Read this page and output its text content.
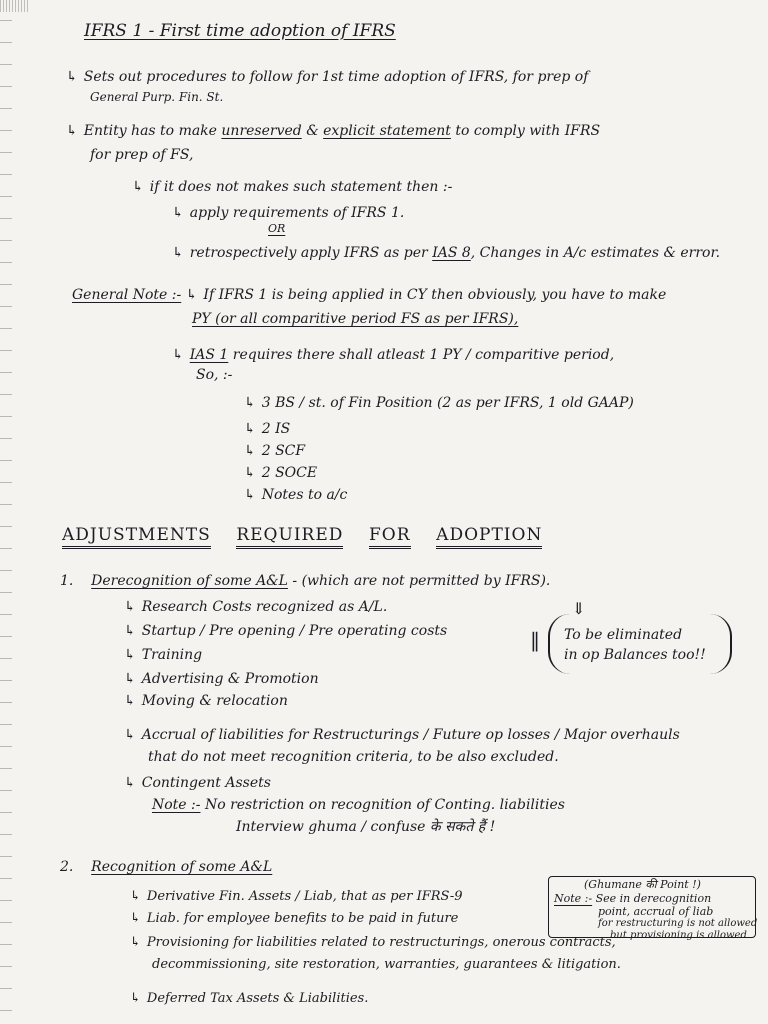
IFRS 1 - First time adoption of IFRS
↳ Sets out procedures to follow for 1st time adoption of IFRS, for prep of
General Purp. Fin. St.
↳ Entity has to make unreserved & explicit statement to comply with IFRS
for prep of FS,
↳ if it does not makes such statement then :-
↳ apply requirements of IFRS 1.
OR
↳ retrospectively apply IFRS as per IAS 8, Changes in A/c estimates & error.
General Note :- ↳ If IFRS 1 is being applied in CY then obviously, you have to make
PY (or all comparitive period FS as per IFRS),
↳ IAS 1 requires there shall atleast 1 PY / comparitive period,
So, :-
↳ 3 BS / st. of Fin Position (2 as per IFRS, 1 old GAAP)
↳ 2 IS
↳ 2 SCF
↳ 2 SOCE
↳ Notes to a/c
ADJUSTMENTS REQUIRED FOR ADOPTION
1. Derecognition of some A&L - (which are not permitted by IFRS).
↳ Research Costs recognized as A/L.
↳ Startup / Pre opening / Pre operating costs
↳ Training
↳ Advertising & Promotion
↳ Moving & relocation
⇓
‖ To be eliminated
in op Balances too!!
↳ Accrual of liabilities for Restructurings / Future op losses / Major overhauls
that do not meet recognition criteria, to be also excluded.
↳ Contingent Assets
Note :- No restriction on recognition of Conting. liabilities
Interview ghuma / confuse के सकते हैं !
2. Recognition of some A&L
↳ Derivative Fin. Assets / Liab, that as per IFRS-9
↳ Liab. for employee benefits to be paid in future
↳ Provisioning for liabilities related to restructurings, onerous contracts,
decommissioning, site restoration, warranties, guarantees & litigation.
↳ Deferred Tax Assets & Liabilities.
(Ghumane की Point !)
Note :- See in derecognition
point, accrual of liab
for restructuring is not allowed
but provisioning is allowed
